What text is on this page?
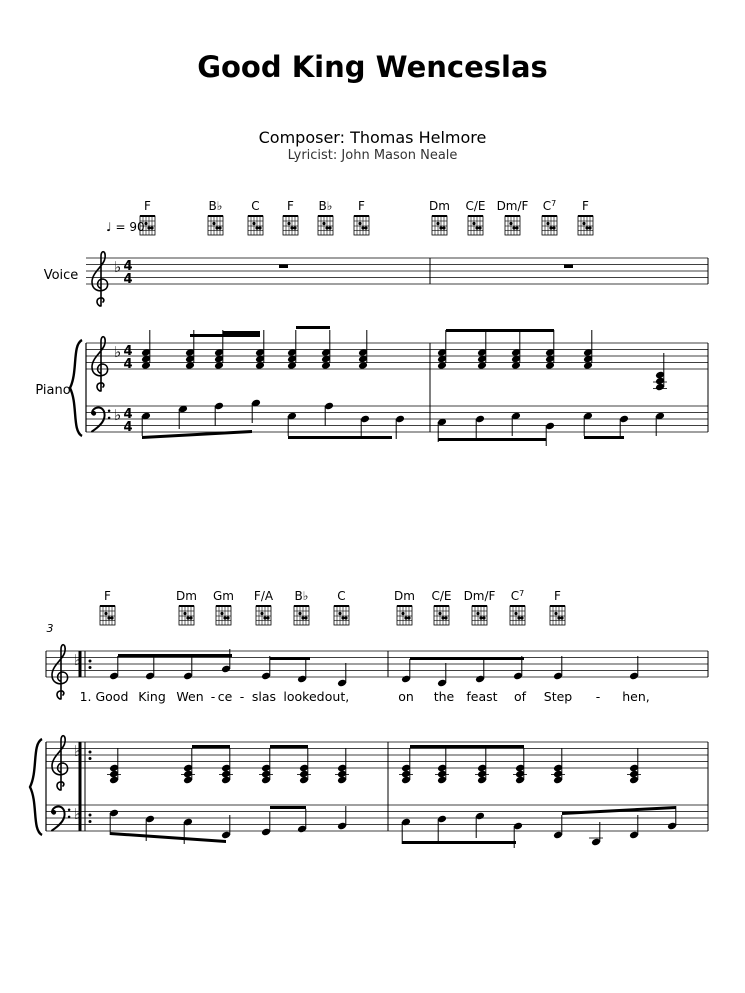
Good King Wenceslas
Composer: Thomas Helmore
Lyricist: John Mason Neale
♩ = 90
F	B♭ C F B♭ F	Dm C/E Dm/F $C^7$ F
Voice
Piano
♭ 4
4
♭ 4
4
♭ 4
4
3
F	Dm Gm F/A B♭ C	Dm C/E Dm/F $C^7$ F
♭
♭
♭
1. Good King Wen - ce - slas looked out,	on the feast of Step - hen,
